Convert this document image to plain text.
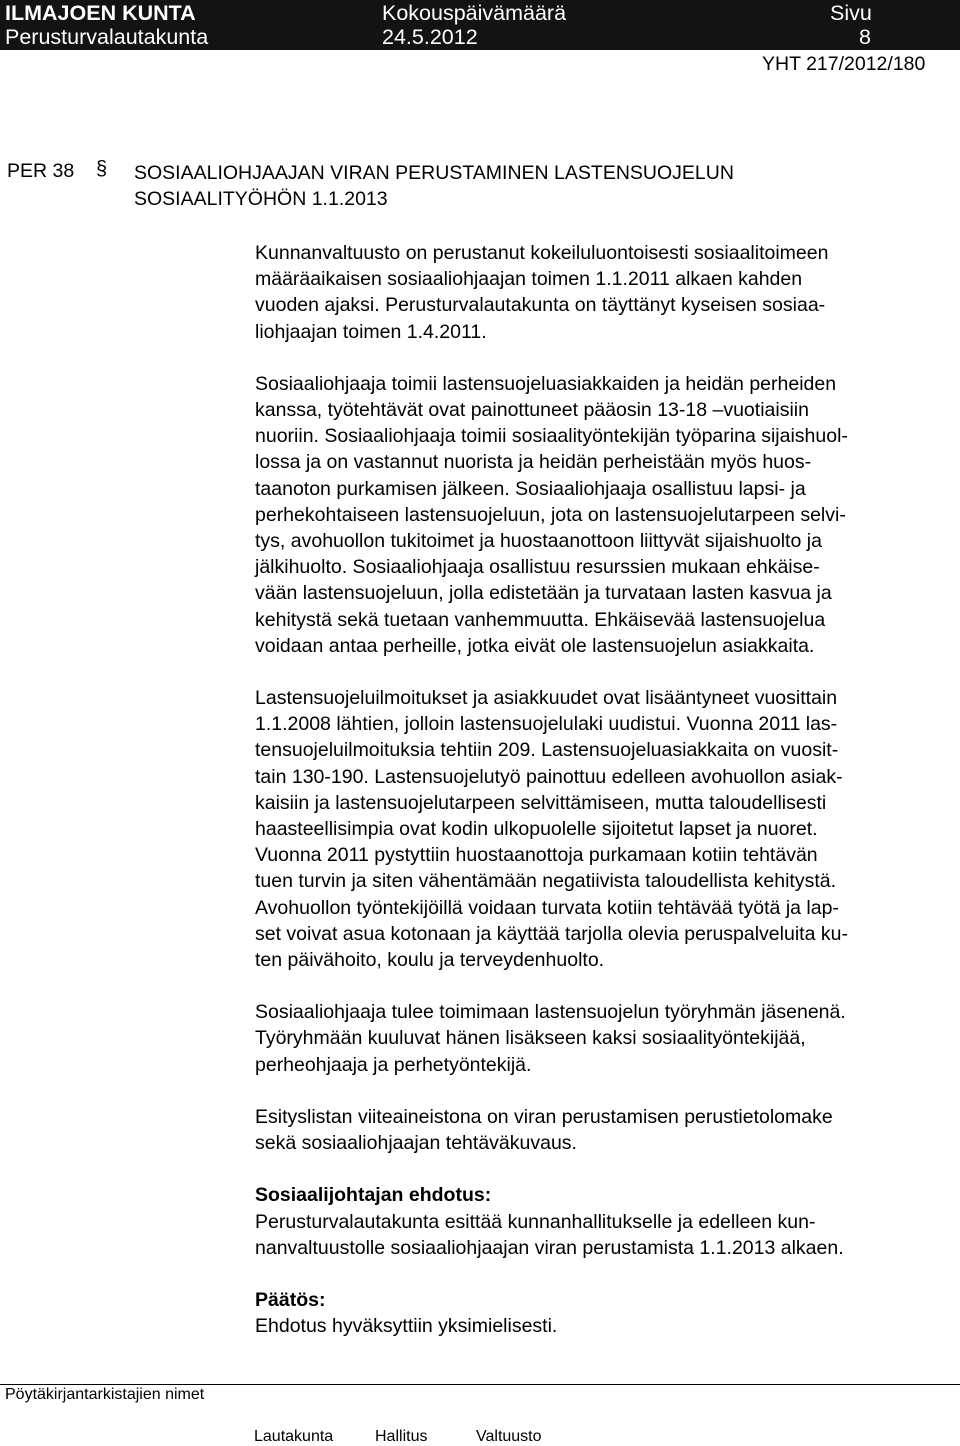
ILMAJOEN KUNTA
Perusturvalautakunta
Kokouspäivämäärä
24.5.2012
Sivu
8
YHT 217/2012/180
PER 38 § SOSIAALIOHJAAJAN VIRAN PERUSTAMINEN LASTENSUOJELUN
SOSIAALITYÖHÖN 1.1.2013
Kunnanvaltuusto on perustanut kokeiluluontoisesti sosiaalitoimeen
määräaikaisen sosiaaliohjaajan toimen 1.1.2011 alkaen kahden
vuoden ajaksi. Perusturvalautakunta on täyttänyt kyseisen sosiaa-
liohjaajan toimen 1.4.2011.
Sosiaaliohjaaja toimii lastensuojeluasiakkaiden ja heidän perheiden
kanssa, työtehtävät ovat painottuneet pääosin 13-18 –vuotiaisiin
nuoriin. Sosiaaliohjaaja toimii sosiaalityöntekijän työparina sijaishuol-
lossa ja on vastannut nuorista ja heidän perheistään myös huos-
taanoton purkamisen jälkeen. Sosiaaliohjaaja osallistuu lapsi- ja
perhekohtaiseen lastensuojeluun, jota on lastensuojelutarpeen selvi-
tys, avohuollon tukitoimet ja huostaanottoon liittyvät sijaishuolto ja
jälkihuolto. Sosiaaliohjaaja osallistuu resurssien mukaan ehkäise-
vään lastensuojeluun, jolla edistetään ja turvataan lasten kasvua ja
kehitystä sekä tuetaan vanhemmuutta. Ehkäisevää lastensuojelua
voidaan antaa perheille, jotka eivät ole lastensuojelun asiakkaita.
Lastensuojeluilmoitukset ja asiakkuudet ovat lisääntyneet vuosittain
1.1.2008 lähtien, jolloin lastensuojelulaki uudistui. Vuonna 2011 las-
tensuojeluilmoituksia tehtiin 209. Lastensuojeluasiakkaita on vuosit-
tain 130-190. Lastensuojelutyö painottuu edelleen avohuollon asiak-
kaisiin ja lastensuojelutarpeen selvittämiseen, mutta taloudellisesti
haasteellisimpia ovat kodin ulkopuolelle sijoitetut lapset ja nuoret.
Vuonna 2011 pystyttiin huostaanottoja purkamaan kotiin tehtävän
tuen turvin ja siten vähentämään negatiivista taloudellista kehitystä.
Avohuollon työntekijöillä voidaan turvata kotiin tehtävää työtä ja lap-
set voivat asua kotonaan ja käyttää tarjolla olevia peruspalveluita ku-
ten päivähoito, koulu ja terveydenhuolto.
Sosiaaliohjaaja tulee toimimaan lastensuojelun työryhmän jäsenenä.
Työryhmään kuuluvat hänen lisäkseen kaksi sosiaalityöntekijää,
perheohjaaja ja perhetyöntekijä.
Esityslistan viiteaineistona on viran perustamisen perustietolomake
sekä sosiaaliohjaajan tehtäväkuvaus.
Sosiaalijohtajan ehdotus:
Perusturvalautakunta esittää kunnanhallitukselle ja edelleen kun-
nanvaltuustolle sosiaaliohjaajan viran perustamista 1.1.2013 alkaen.
Päätös:
Ehdotus hyväksyttiin yksimielisesti.
Pöytäkirjantarkistajien nimet
Lautakunta	Hallitus	Valtuusto
